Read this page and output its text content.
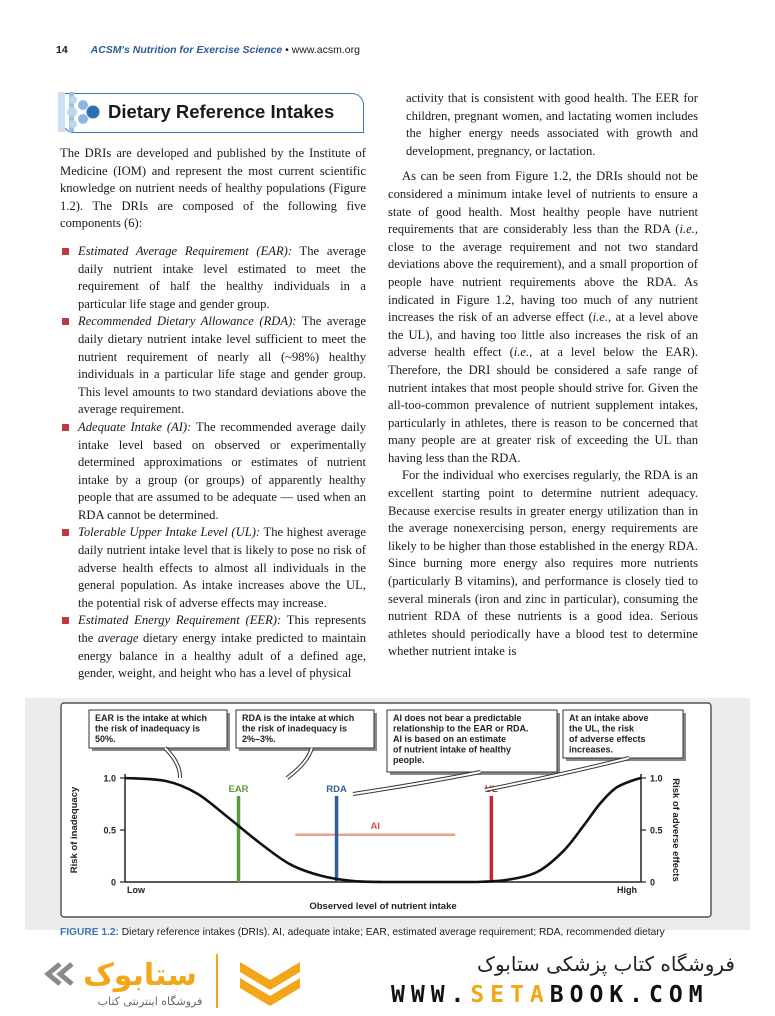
14 ACSM's Nutrition for Exercise Science • www.acsm.org
Dietary Reference Intakes

The DRIs are developed and published by the Institute of Medicine (IOM) and represent the most current scientific knowledge on nutrient needs of healthy populations (Figure 1.2). The DRIs are composed of the following five components (6):

Estimated Average Requirement (EAR): The average daily nutrient intake level estimated to meet the requirement of half the healthy individuals in a particular life stage and gender group.
Recommended Dietary Allowance (RDA): The average daily dietary nutrient intake level sufficient to meet the nutrient requirement of nearly all (~98%) healthy individuals in a particular life stage and gender group. This level amounts to two standard deviations above the average requirement.
Adequate Intake (AI): The recommended average daily intake level based on observed or experimentally determined approximations or estimates of nutrient intake by a group (or groups) of apparently healthy people that are assumed to be adequate — used when an RDA cannot be determined.
Tolerable Upper Intake Level (UL): The highest average daily nutrient intake level that is likely to pose no risk of adverse health effects to almost all individuals in the general population. As intake increases above the UL, the potential risk of adverse effects may increase.
Estimated Energy Requirement (EER): This represents the average dietary energy intake predicted to maintain energy balance in a healthy adult of a defined age, gender, weight, and height who has a level of physical

activity that is consistent with good health. The EER for children, pregnant women, and lactating women includes the higher energy needs associated with growth and development, pregnancy, or lactation.

As can be seen from Figure 1.2, the DRIs should not be considered a minimum intake level of nutrients to ensure a state of good health. Most healthy people have nutrient requirements that are considerably less than the RDA (i.e., close to the average requirement and not two standard deviations above the requirement), and a small proportion of people have nutrient requirements above the RDA. As indicated in Figure 1.2, having too much of any nutrient increases the risk of an adverse effect (i.e., at a level above the UL), and having too little also increases the risk of an adverse health effect (i.e., at a level below the EAR). Therefore, the DRI should be considered a safe range of nutrient intakes that most people should strive for. Given the all-too-common prevalence of nutrient supplement intakes, particularly in athletes, there is reason to be concerned that many people are at greater risk of exceeding the UL than having less than the RDA.

For the individual who exercises regularly, the RDA is an excellent starting point to determine nutrient adequacy. Because exercise results in greater energy utilization than in the average nonexercising person, energy requirements are likely to be higher than those established in the energy RDA. Since burning more energy also requires more nutrients (particularly B vitamins), and performance is closely tied to several minerals (iron and zinc in particular), consuming the nutrient RDA of these nutrients is a good idea. Serious athletes should periodically have a blood test to determine whether nutrient intake is

0
0.5
1.0
0
0.5
1.0
Low	High
Observed level of nutrient intake
Risk of inadequacy	Risk of adverse effects
AI
EAR	RDA	UL
EAR is the intake at which
the risk of inadequacy is
50%.
RDA is the intake at which
the risk of inadequacy is
2%–3%.
AI does not bear a predictable
relationship to the EAR or RDA.
AI is based on an estimate
of nutrient intake of healthy
people.
At an intake above
the UL, the risk
of adverse effects
increases.
FIGURE 1.2: Dietary reference intakes (DRIs). AI, adequate intake; EAR, estimated average requirement; RDA, recommended dietary
ستابوک
فروشگاه اینترنتی کتاب
فروشگاه کتاب پزشکی ستابوک
WWW.SETABOOK.COM
